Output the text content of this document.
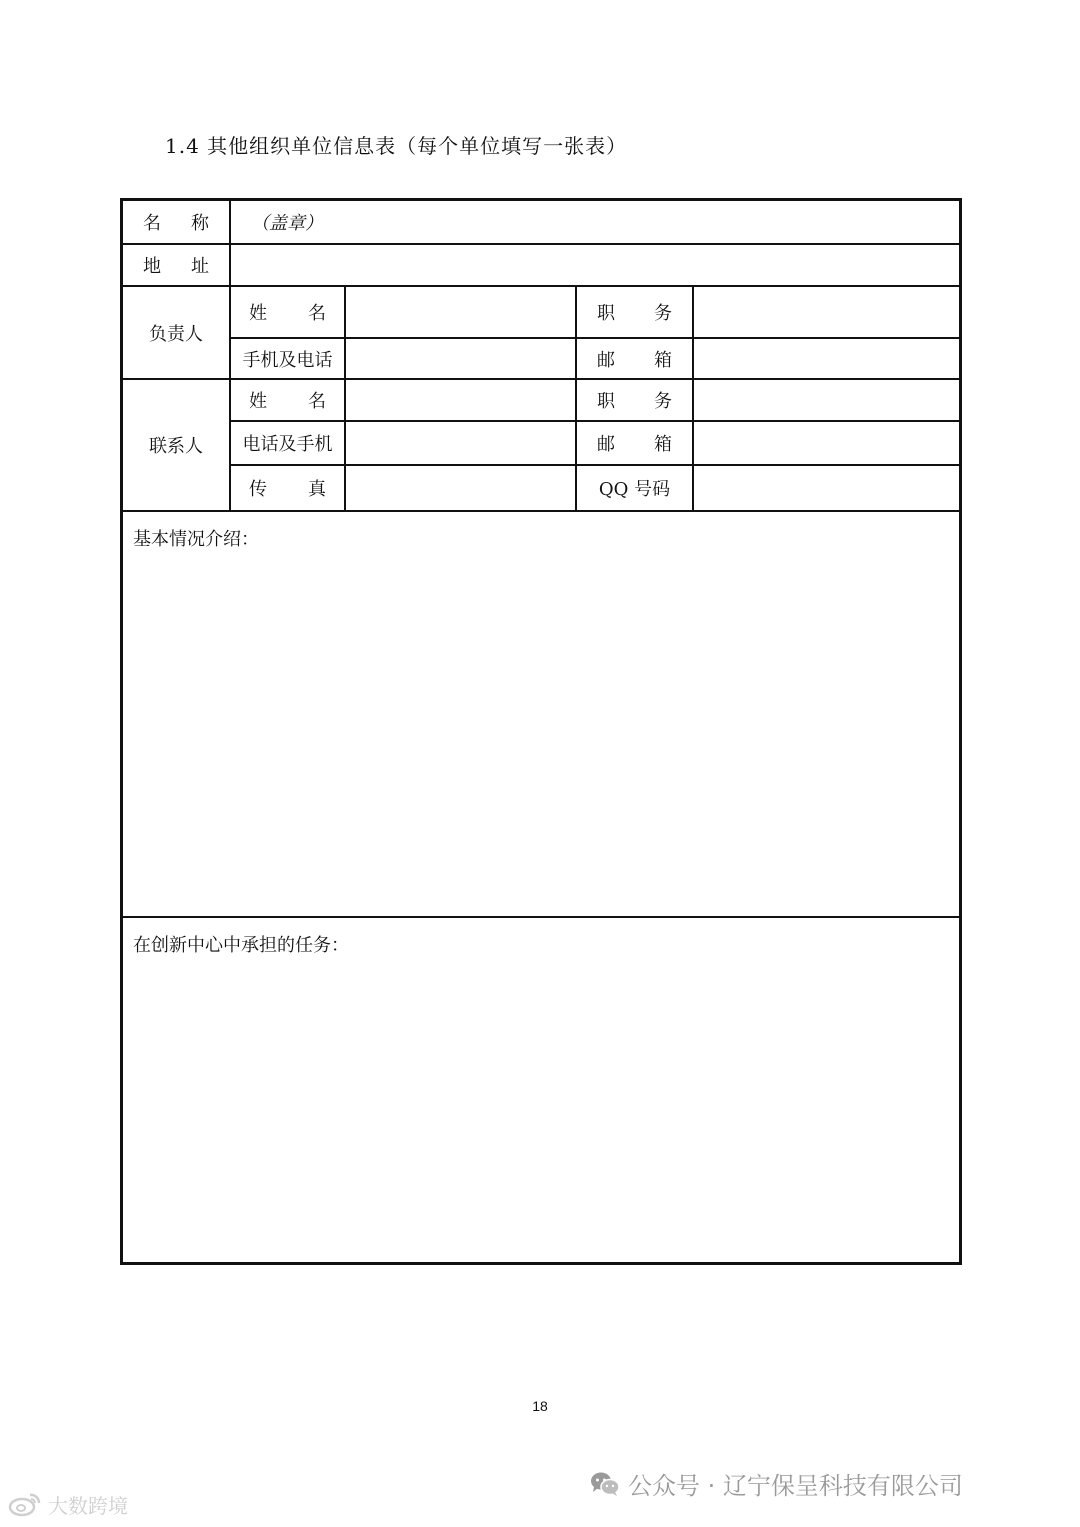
1.4 其他组织单位信息表（每个单位填写一张表）
名 称 （盖章）
地 址
负责人
姓 名	职 务
手机及电话	邮 箱
联系人
姓 名	职 务
电话及手机	邮 箱
传 真	QQ 号码
基本情况介绍：
在创新中心中承担的任务：
18
公众号 · 辽宁保呈科技有限公司
大数跨境
